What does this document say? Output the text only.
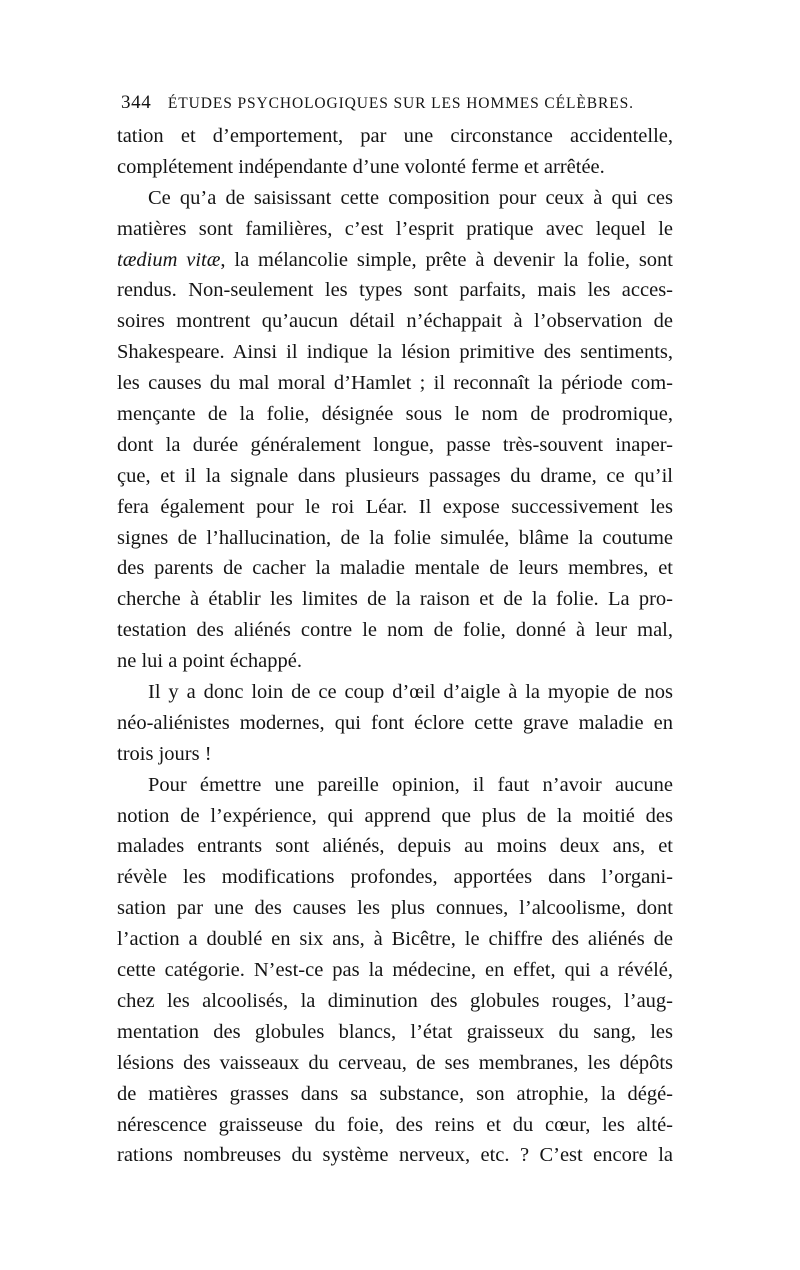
344 ÉTUDES PSYCHOLOGIQUES SUR LES HOMMES CÉLÈBRES.
tation et d’emportement, par une circonstance accidentelle,
complétement indépendante d’une volonté ferme et arrêtée.
Ce qu’a de saisissant cette composition pour ceux à qui ces
matières sont familières, c’est l’esprit pratique avec lequel le
tædium vitæ, la mélancolie simple, prête à devenir la folie, sont
rendus. Non-seulement les types sont parfaits, mais les acces-
soires montrent qu’aucun détail n’échappait à l’observation de
Shakespeare. Ainsi il indique la lésion primitive des sentiments,
les causes du mal moral d’Hamlet ; il reconnaît la période com-
mençante de la folie, désignée sous le nom de prodromique,
dont la durée généralement longue, passe très-souvent inaper-
çue, et il la signale dans plusieurs passages du drame, ce qu’il
fera également pour le roi Léar. Il expose successivement les
signes de l’hallucination, de la folie simulée, blâme la coutume
des parents de cacher la maladie mentale de leurs membres, et
cherche à établir les limites de la raison et de la folie. La pro-
testation des aliénés contre le nom de folie, donné à leur mal,
ne lui a point échappé.
Il y a donc loin de ce coup d’œil d’aigle à la myopie de nos
néo-aliénistes modernes, qui font éclore cette grave maladie en
trois jours !
Pour émettre une pareille opinion, il faut n’avoir aucune
notion de l’expérience, qui apprend que plus de la moitié des
malades entrants sont aliénés, depuis au moins deux ans, et
révèle les modifications profondes, apportées dans l’organi-
sation par une des causes les plus connues, l’alcoolisme, dont
l’action a doublé en six ans, à Bicêtre, le chiffre des aliénés de
cette catégorie. N’est-ce pas la médecine, en effet, qui a révélé,
chez les alcoolisés, la diminution des globules rouges, l’aug-
mentation des globules blancs, l’état graisseux du sang, les
lésions des vaisseaux du cerveau, de ses membranes, les dépôts
de matières grasses dans sa substance, son atrophie, la dégé-
nérescence graisseuse du foie, des reins et du cœur, les alté-
rations nombreuses du système nerveux, etc. ? C’est encore la
